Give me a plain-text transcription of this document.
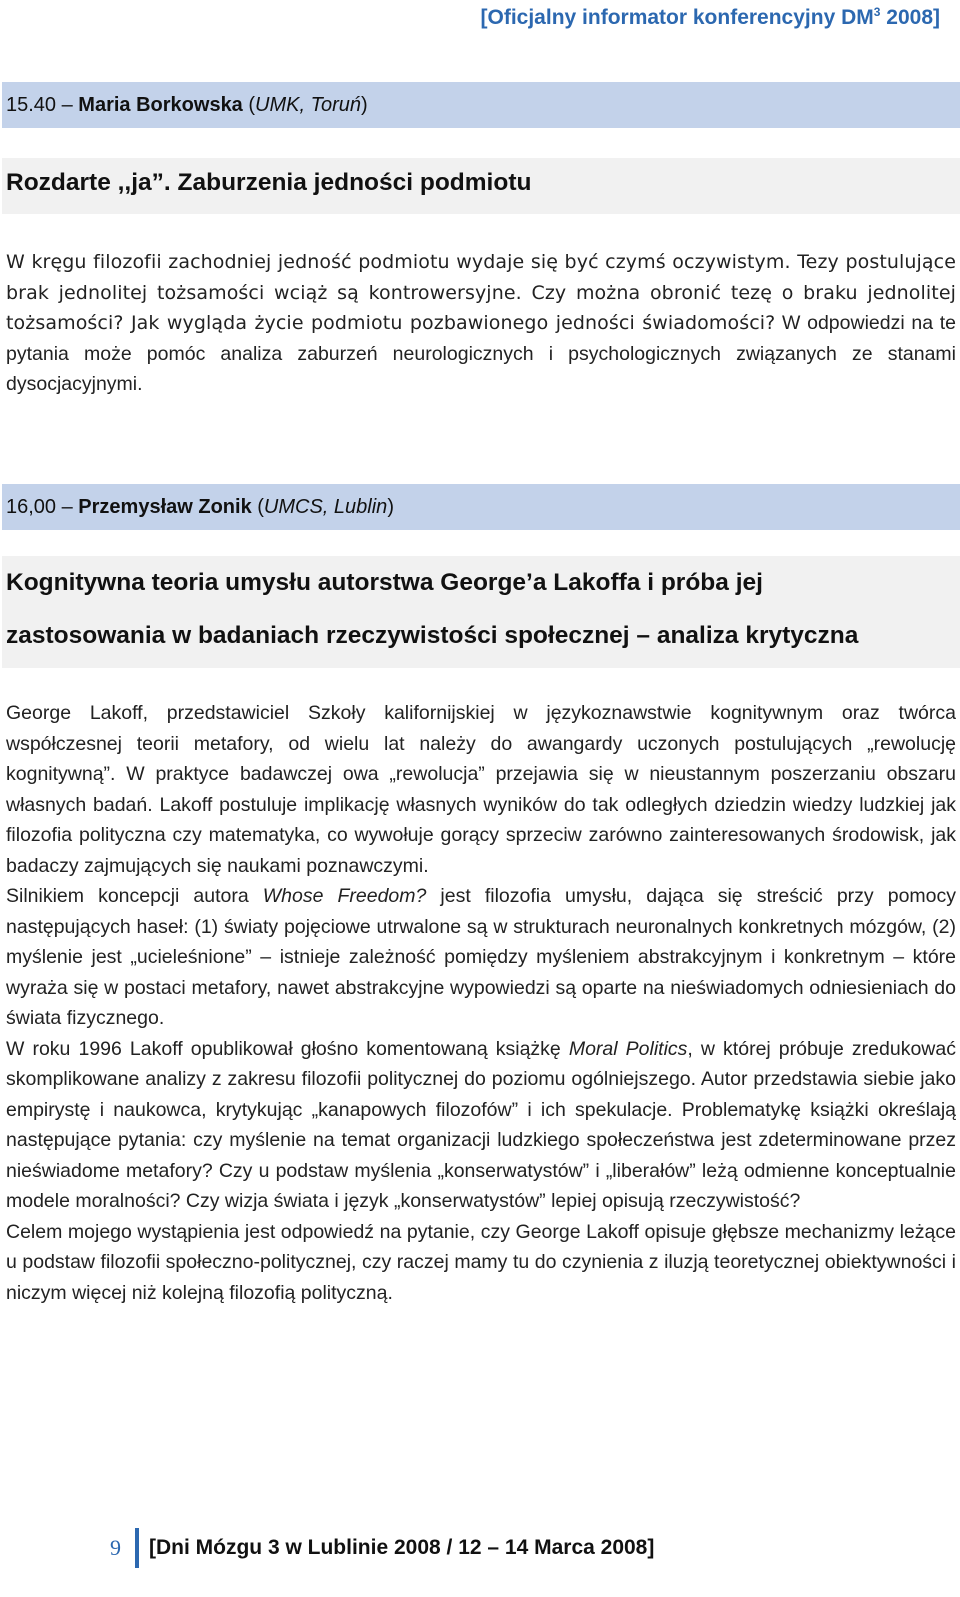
[Oficjalny informator konferencyjny $DM^3$ 2008]
15.40 – Maria Borkowska (UMK, Toruń)
Rozdarte ,,ja”. Zaburzenia jedności podmiotu

W kręgu filozofii zachodniej jedność podmiotu wydaje się być czymś oczywistym. Tezy postulujące brak jednolitej tożsamości wciąż są kontrowersyjne. Czy można obronić tezę o braku jednolitej tożsamości? Jak wygląda życie podmiotu pozbawionego jedności świadomości? W odpowiedzi na te pytania może pomóc analiza zaburzeń neurologicznych i psychologicznych związanych ze stanami dysocjacyjnymi.

16,00 – Przemysław Zonik (UMCS, Lublin)
Kognitywna teoria umysłu autorstwa George’a Lakoffa i próba jej
zastosowania w badaniach rzeczywistości społecznej – analiza krytyczna

George Lakoff, przedstawiciel Szkoły kalifornijskiej w językoznawstwie kognitywnym oraz twórca współczesnej teorii metafory, od wielu lat należy do awangardy uczonych postulujących „rewolucję kognitywną”. W praktyce badawczej owa „rewolucja” przejawia się w nieustannym poszerzaniu obszaru własnych badań. Lakoff postuluje implikację własnych wyników do tak odległych dziedzin wiedzy ludzkiej jak filozofia polityczna czy matematyka, co wywołuje gorący sprzeciw zarówno zainteresowanych środowisk, jak badaczy zajmujących się naukami poznawczymi.

Silnikiem koncepcji autora Whose Freedom? jest filozofia umysłu, dająca się streścić przy pomocy następujących haseł: (1) światy pojęciowe utrwalone są w strukturach neuronalnych konkretnych mózgów, (2) myślenie jest „ucieleśnione” – istnieje zależność pomiędzy myśleniem abstrakcyjnym i konkretnym – które wyraża się w postaci metafory, nawet abstrakcyjne wypowiedzi są oparte na nieświadomych odniesieniach do świata fizycznego.

W roku 1996 Lakoff opublikował głośno komentowaną książkę Moral Politics, w której próbuje zredukować skomplikowane analizy z zakresu filozofii politycznej do poziomu ogólniejszego. Autor przedstawia siebie jako empirystę i naukowca, krytykując „kanapowych filozofów” i ich spekulacje. Problematykę książki określają następujące pytania: czy myślenie na temat organizacji ludzkiego społeczeństwa jest zdeterminowane przez nieświadome metafory? Czy u podstaw myślenia „konserwatystów” i „liberałów” leżą odmienne konceptualnie modele moralności? Czy wizja świata i język „konserwatystów” lepiej opisują rzeczywistość?

Celem mojego wystąpienia jest odpowiedź na pytanie, czy George Lakoff opisuje głębsze mechanizmy leżące u podstaw filozofii społeczno-politycznej, czy raczej mamy tu do czynienia z iluzją teoretycznej obiektywności i niczym więcej niż kolejną filozofią polityczną.

9 [Dni Mózgu 3 w Lublinie 2008 / 12 – 14 Marca 2008]
